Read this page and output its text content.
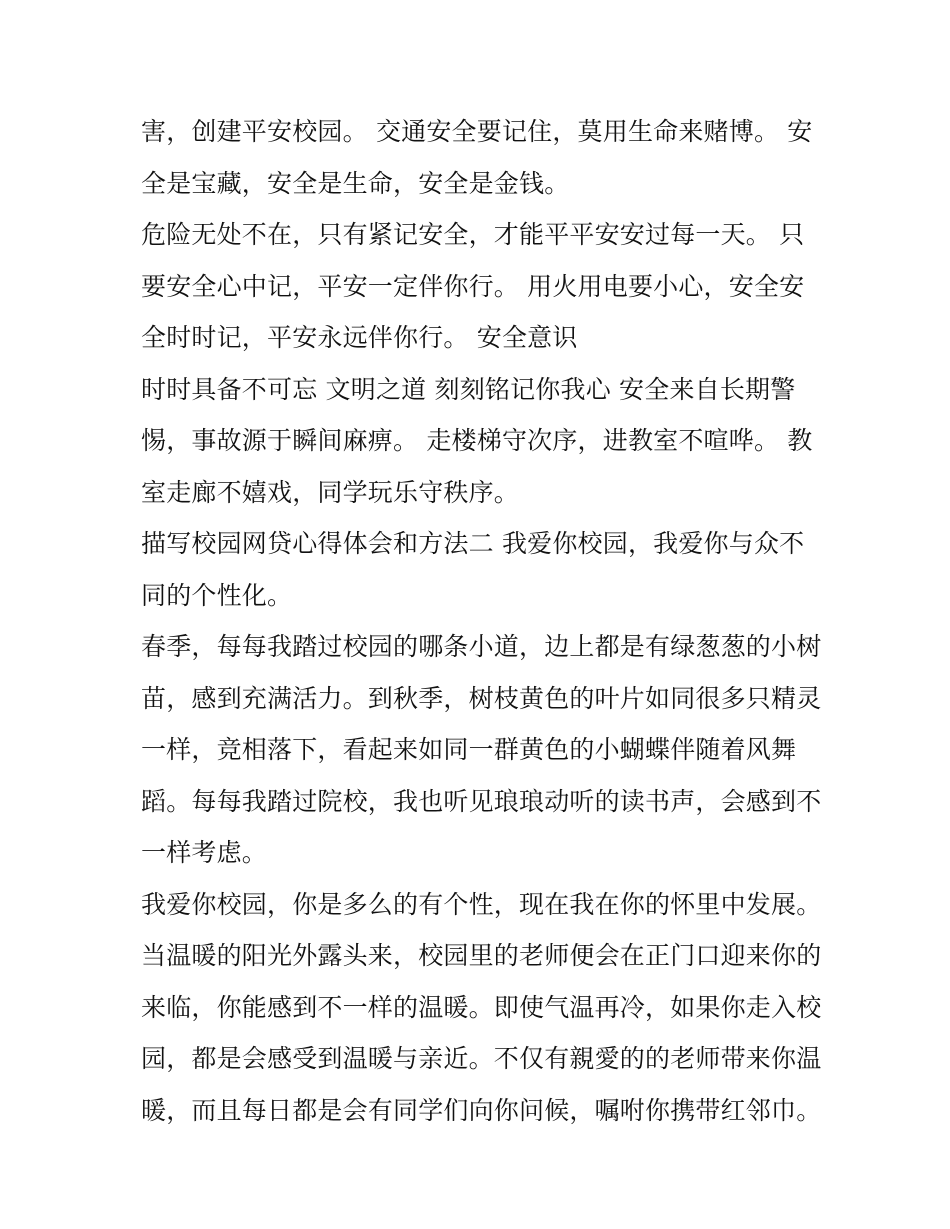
害，创建平安校园。 交通安全要记住，莫用生命来赌博。 安
全是宝藏，安全是生命，安全是金钱。

危险无处不在，只有紧记安全，才能平平安安过每一天。 只
要安全心中记，平安一定伴你行。 用火用电要小心，安全安
全时时记，平安永远伴你行。 安全意识

时时具备不可忘 文明之道 刻刻铭记你我心 安全来自长期警
惕，事故源于瞬间麻痹。 走楼梯守次序，进教室不喧哗。 教
室走廊不嬉戏，同学玩乐守秩序。

描写校园网贷心得体会和方法二 我爱你校园，我爱你与众不
同的个性化。

春季，每每我踏过校园的哪条小道，边上都是有绿葱葱的小树
苗，感到充满活力。到秋季，树枝黄色的叶片如同很多只精灵
一样，竞相落下，看起来如同一群黄色的小蝴蝶伴随着风舞
蹈。每每我踏过院校，我也听见琅琅动听的读书声，会感到不
一样考虑。

我爱你校园，你是多么的有个性，现在我在你的怀里中发展。
当温暖的阳光外露头来，校园里的老师便会在正门口迎来你的
来临，你能感到不一样的温暖。即使气温再冷，如果你走入校
园，都是会感受到温暖与亲近。不仅有親愛的的老师带来你温
暖，而且每日都是会有同学们向你问候，嘱咐你携带红邻巾。
